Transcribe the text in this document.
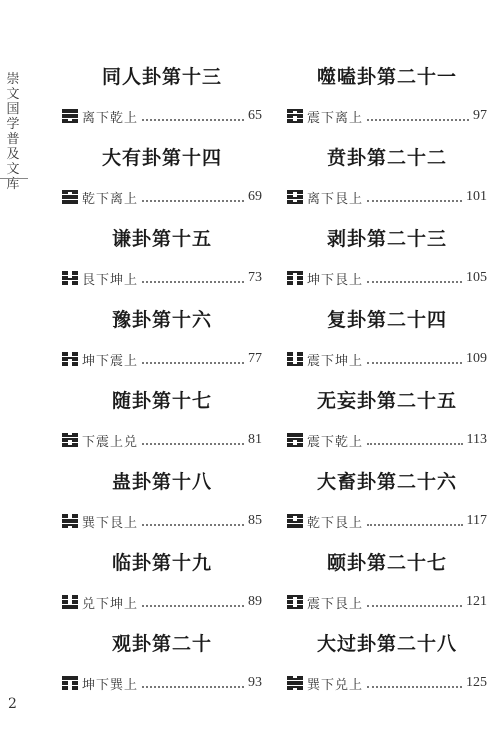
崇文国学普及文库
2
同人卦第十三
离下乾上	65
大有卦第十四
乾下离上	69
谦卦第十五
艮下坤上	73
豫卦第十六
坤下震上	77
随卦第十七
下震上兑	81
蛊卦第十八
巽下艮上	85
临卦第十九
兑下坤上	89
观卦第二十
坤下巽上	93
噬嗑卦第二十一
震下离上	97
贲卦第二十二
离下艮上	101
剥卦第二十三
坤下艮上	105
复卦第二十四
震下坤上	109
无妄卦第二十五
震下乾上	113
大畜卦第二十六
乾下艮上	117
颐卦第二十七
震下艮上	121
大过卦第二十八
巽下兑上	125
